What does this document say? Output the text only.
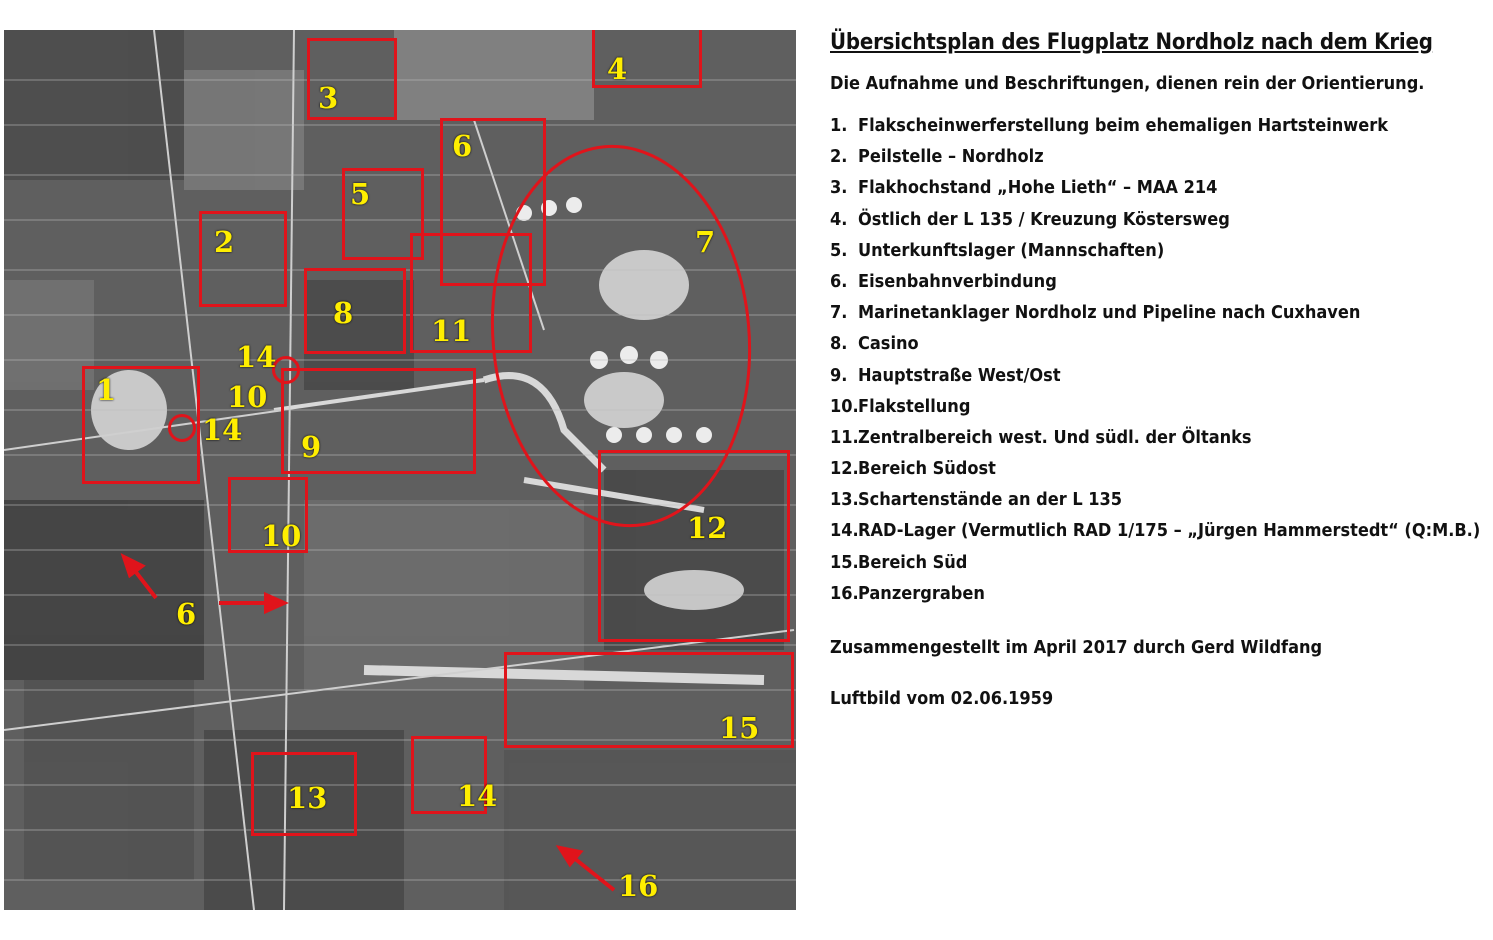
1
2
3
4
5
6
6
7
8
9
10
10
11
12
13
14
14
14
15
16
Übersichtsplan des Flugplatz Nordholz nach dem Krieg
Die Aufnahme und Beschriftungen, dienen rein der Orientierung.
1. Flakscheinwerferstellung beim ehemaligen Hartsteinwerk
2. Peilstelle – Nordholz
3. Flakhochstand „Hohe Lieth“ – MAA 214
4. Östlich der L 135 / Kreuzung Köstersweg
5. Unterkunftslager (Mannschaften)
6. Eisenbahnverbindung
7. Marinetanklager Nordholz und Pipeline nach Cuxhaven
8. Casino
9. Hauptstraße West/Ost
10.Flakstellung
11.Zentralbereich west. Und südl. der Öltanks
12.Bereich Südost
13.Schartenstände an der L 135
14.RAD-Lager (Vermutlich RAD 1/175 – „Jürgen Hammerstedt“ (Q:M.B.)
15.Bereich Süd
16.Panzergraben
Zusammengestellt im April 2017 durch Gerd Wildfang
Luftbild vom 02.06.1959
